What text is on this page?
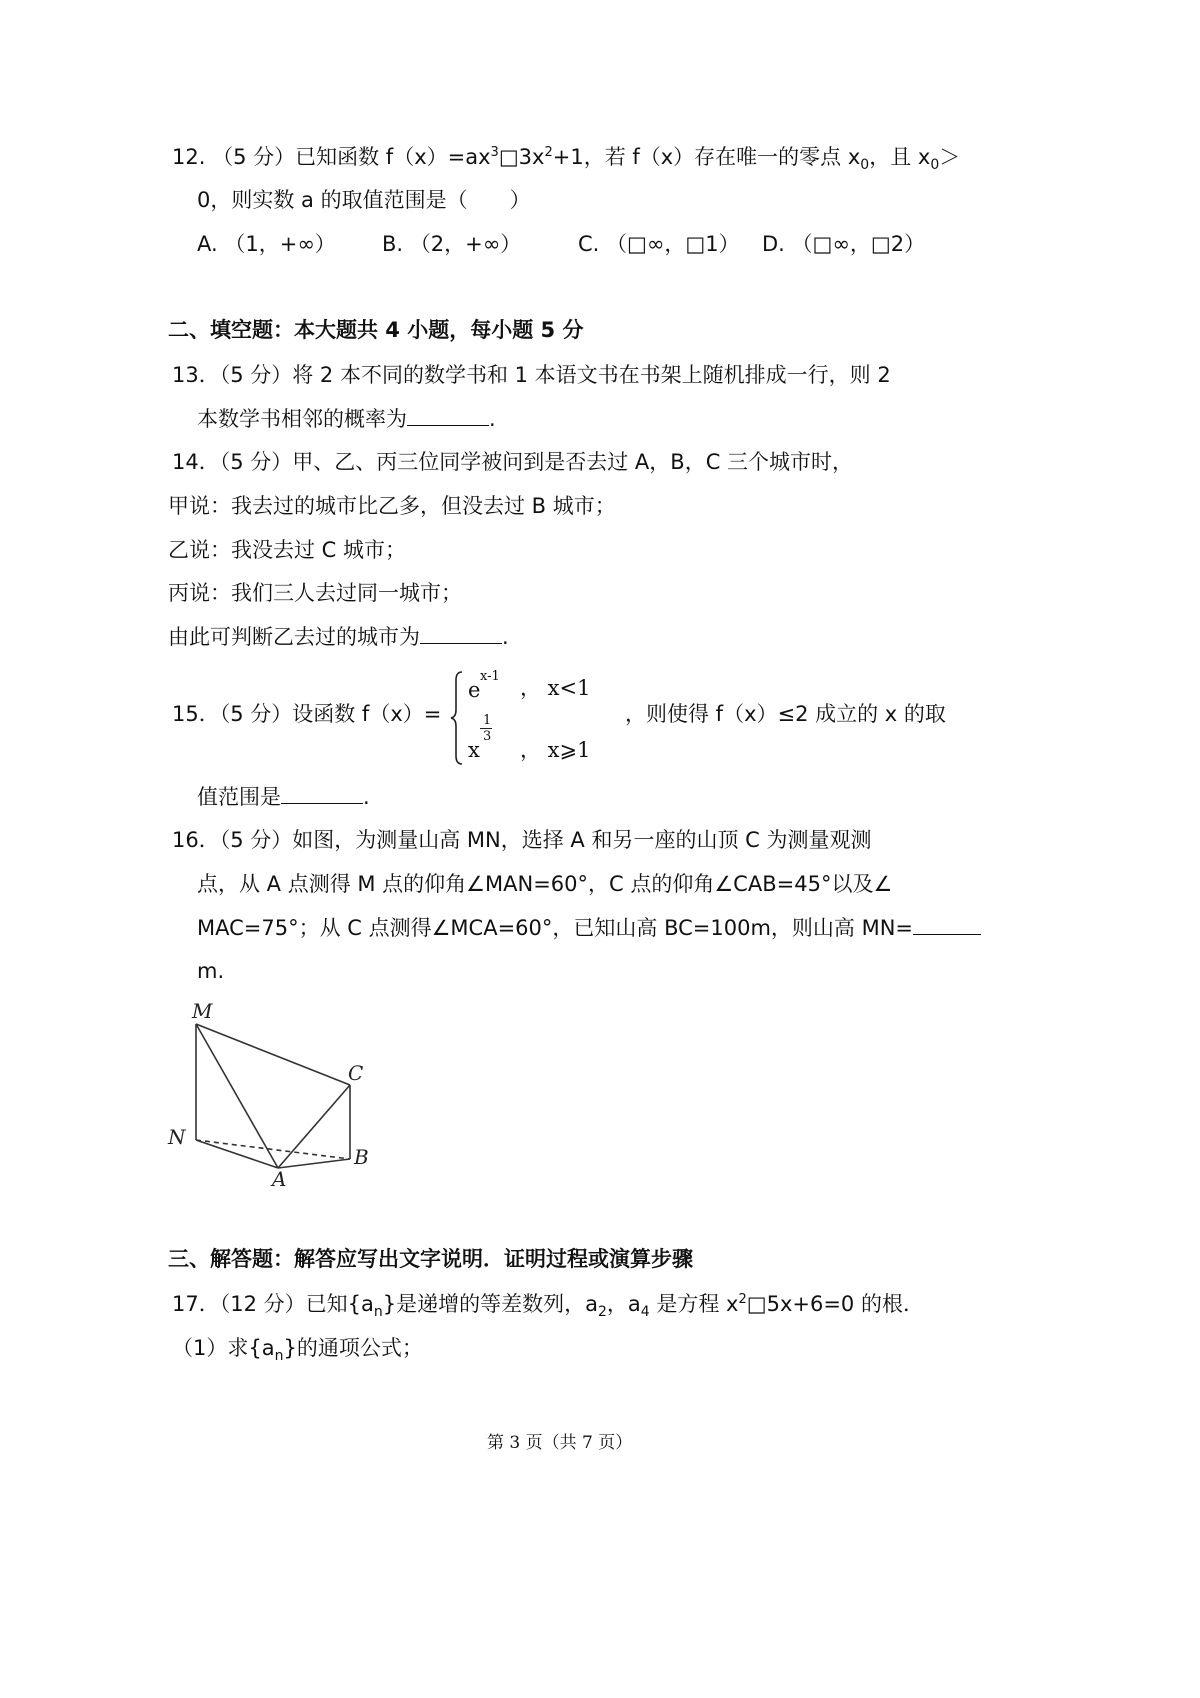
12. （5 分）已知函数 $f(x)=ax^3□3x^2+1$，若 f（x）存在唯一的零点 $x_0$，且 $x_0>$
0，则实数 a 的取值范围是（　　）
A. （1，+∞） B. （2，+∞）	C. （□∞，□1） D. （□∞，□2）
二、填空题：本大题共 4 小题，每小题 5 分
13．（5 分）将 2 本不同的数学书和 1 本语文书在书架上随机排成一行，则 2
本数学书相邻的概率为	.
14．（5 分）甲、乙、丙三位同学被问到是否去过 A，B，C 三个城市时，
甲说：我去过的城市比乙多，但没去过 B 城市；
乙说：我没去过 C 城市；
丙说：我们三人去过同一城市；
由此可判断乙去过的城市为	.
15．（5 分）设函数 f（x）=
e
x-1 ， x<1
1
3
x ， x⩾1
，则使得 f（x）≤2 成立的 x 的取
值范围是	.
16．（5 分）如图，为测量山高 MN，选择 A 和另一座的山顶 C 为测量观测
点，从 A 点测得 M 点的仰角∠MAN=60°，C 点的仰角∠CAB=45°以及∠
MAC=75°；从 C 点测得∠MCA=60°，已知山高 BC=100m，则山高 MN=
m.
M
N
A
B
C
三、解答题：解答应写出文字说明．证明过程或演算步骤
17．（12 分）已知$\{a_n\}$是递增的等差数列，$a_2$，$a_4$ 是方程 $x^2□5x+6=0$ 的根．
（1）求$\{a_n\}$的通项公式；
第 3 页（共 7 页）
